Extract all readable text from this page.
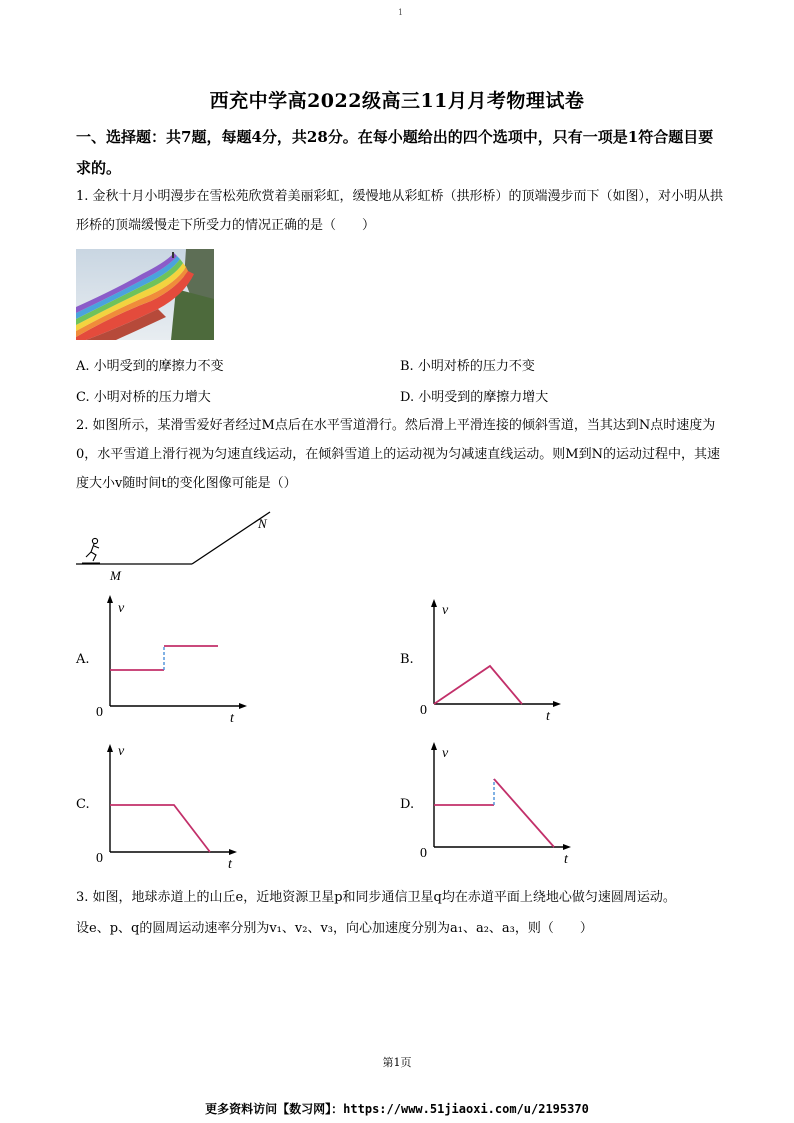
1
西充中学高2022级高三11月月考物理试卷
一、选择题：共7题，每题4分，共28分。在每小题给出的四个选项中，只有一项是1符合题目要求的。
1. 金秋十月小明漫步在雪松苑欣赏着美丽彩虹，缓慢地从彩虹桥（拱形桥）的顶端漫步而下（如图），对小明从拱形桥的顶端缓慢走下所受力的情况正确的是（　　）
A. 小明受到的摩擦力不变	B. 小明对桥的压力不变
C. 小明对桥的压力增大	D. 小明受到的摩擦力增大
2. 如图所示，某滑雪爱好者经过M点后在水平雪道滑行。然后滑上平滑连接的倾斜雪道，当其达到N点时速度为0，水平雪道上滑行视为匀速直线运动，在倾斜雪道上的运动视为匀减速直线运动。则M到N的运动过程中，其速度大小v随时间t的变化图像可能是（）
M
N
A.
v
t
0
B.
v
t
0
C.
v
t
0
D.
v
t
0
3. 如图，地球赤道上的山丘e，近地资源卫星p和同步通信卫星q均在赤道平面上绕地心做匀速圆周运动。
设e、p、q的圆周运动速率分别为v₁、v₂、v₃，向心加速度分别为a₁、a₂、a₃，则（　　）
第1页
更多资料访问【数习网】：https://www.51jiaoxi.com/u/2195370
